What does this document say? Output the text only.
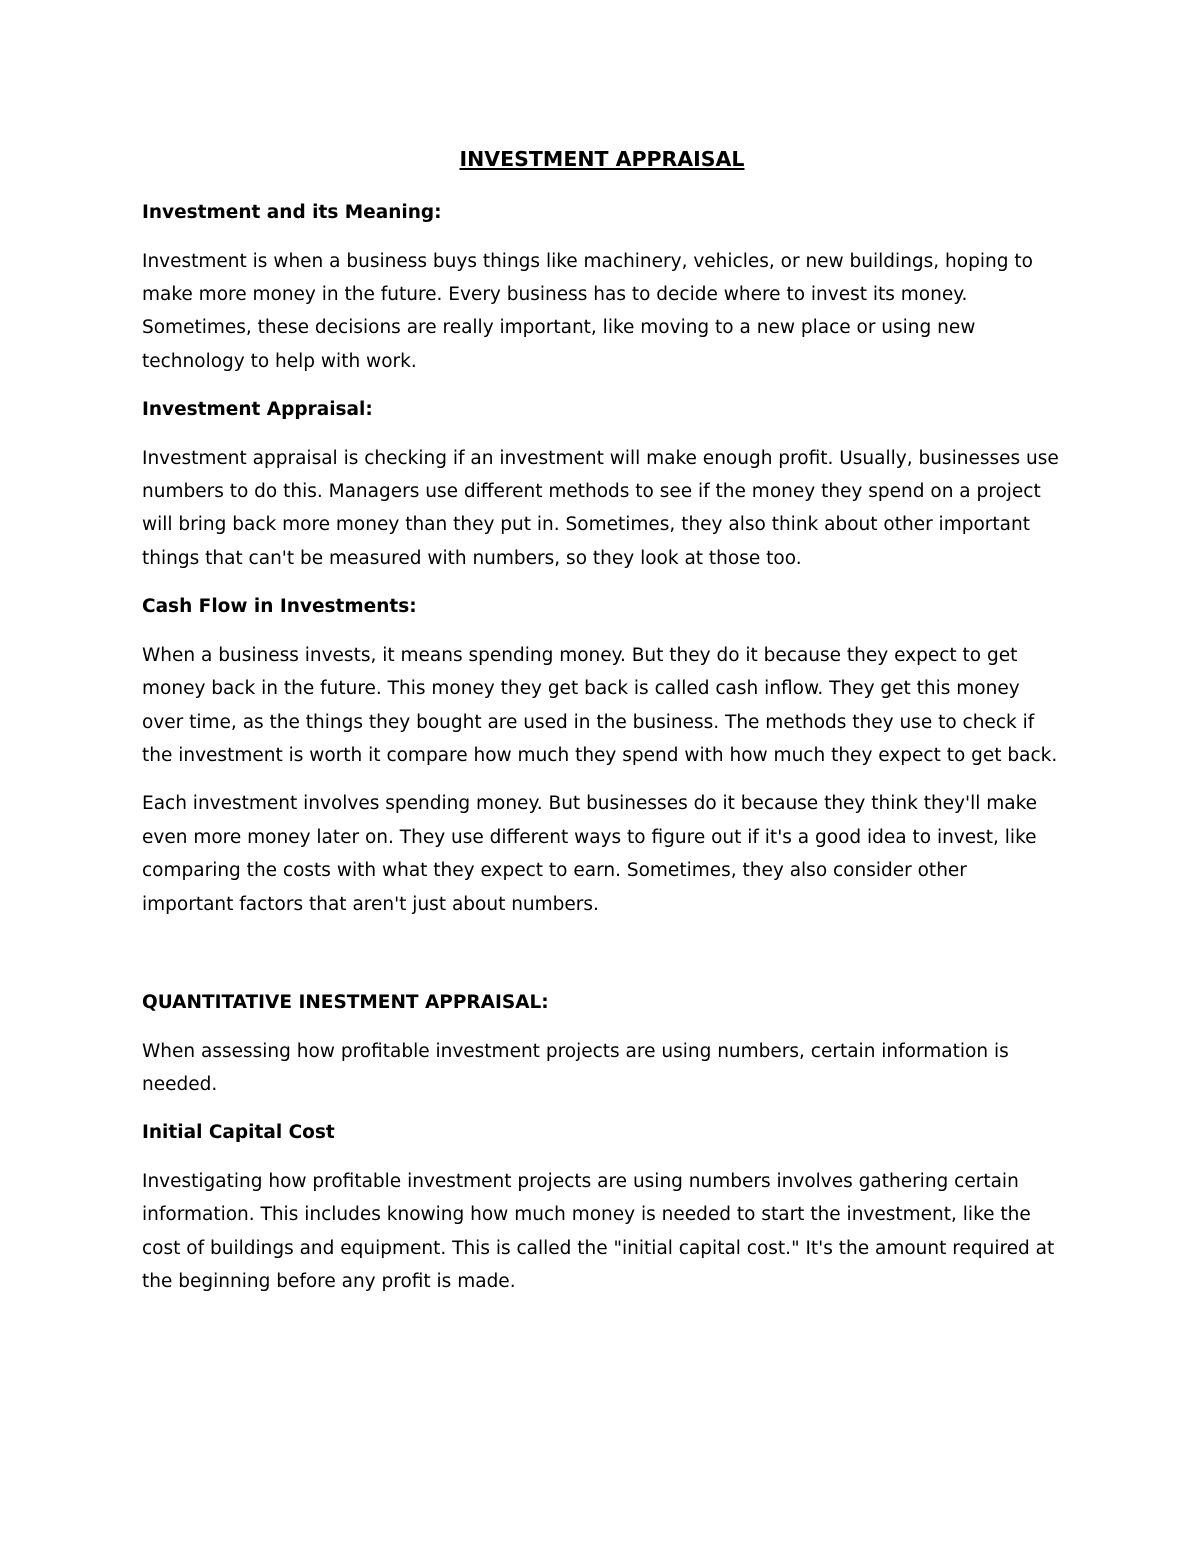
INVESTMENT APPRAISAL
Investment and its Meaning:
Investment is when a business buys things like machinery, vehicles, or new buildings, hoping to make more money in the future. Every business has to decide where to invest its money. Sometimes, these decisions are really important, like moving to a new place or using new technology to help with work.
Investment Appraisal:
Investment appraisal is checking if an investment will make enough profit. Usually, businesses use numbers to do this. Managers use different methods to see if the money they spend on a project will bring back more money than they put in. Sometimes, they also think about other important things that can't be measured with numbers, so they look at those too.
Cash Flow in Investments:
When a business invests, it means spending money. But they do it because they expect to get money back in the future. This money they get back is called cash inflow. They get this money over time, as the things they bought are used in the business. The methods they use to check if the investment is worth it compare how much they spend with how much they expect to get back.
Each investment involves spending money. But businesses do it because they think they'll make even more money later on. They use different ways to figure out if it's a good idea to invest, like comparing the costs with what they expect to earn. Sometimes, they also consider other important factors that aren't just about numbers.
QUANTITATIVE INESTMENT APPRAISAL:
When assessing how profitable investment projects are using numbers, certain information is needed.
Initial Capital Cost
Investigating how profitable investment projects are using numbers involves gathering certain information. This includes knowing how much money is needed to start the investment, like the cost of buildings and equipment. This is called the "initial capital cost." It's the amount required at the beginning before any profit is made.
